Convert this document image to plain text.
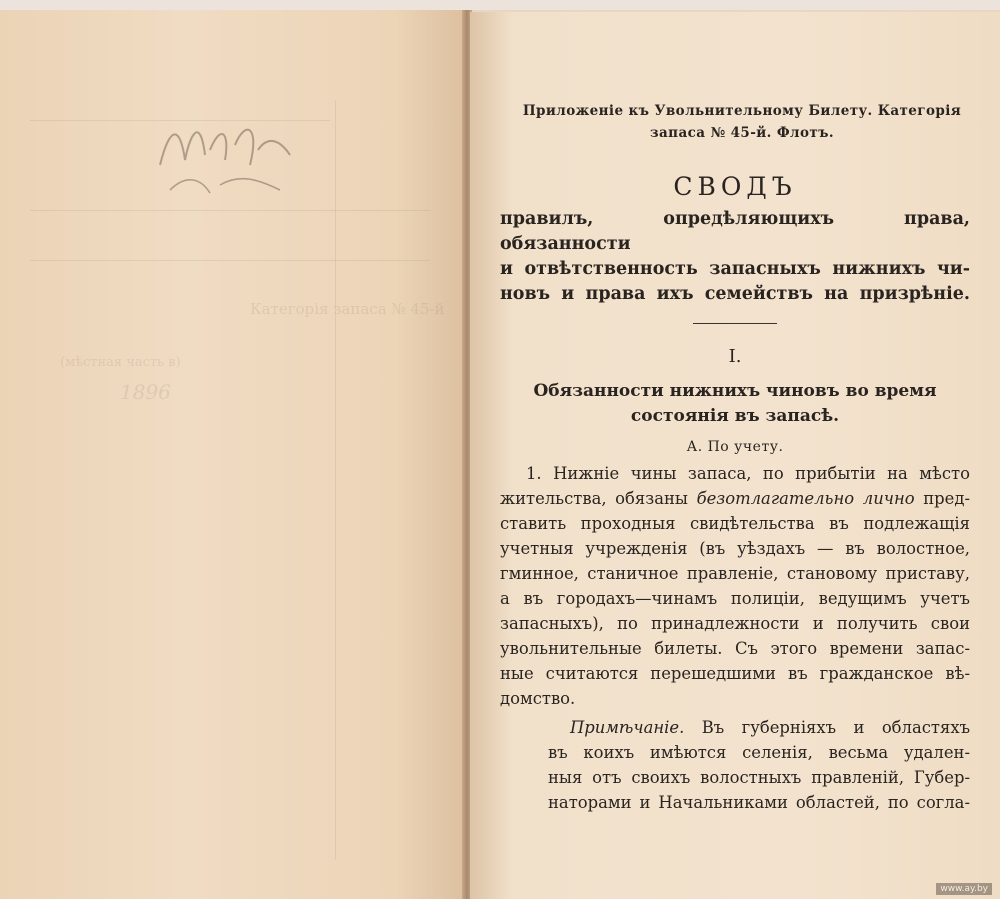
Категорія запаса № 45-й
(мѣстная часть в)
1896
Приложеніе къ Увольнительному Билету. Категорія
запаса № 45-й. Флотъ.
СВОДЪ
правилъ, опредѣляющихъ права, обязанности
и отвѣтственность запасныхъ нижнихъ чи-
новъ и права ихъ семействъ на призрѣніе.
I.
Обязанности нижнихъ чиновъ во время
состоянія въ запасѣ.
А. По учету.
1. Нижніе чины запаса, по прибытіи на мѣсто
жительства, обязаны безотлагательно лично пред-
ставить проходныя свидѣтельства въ подлежащія
учетныя учрежденія (въ уѣздахъ — въ волостное,
гминное, станичное правленіе, становому приставу,
а въ городахъ—чинамъ полиціи, ведущимъ учетъ
запасныхъ), по принадлежности и получить свои
увольнительные билеты. Съ этого времени запас-
ные считаются перешедшими въ гражданское вѣ-
домство.
Примѣчаніе. Въ губерніяхъ и областяхъ
въ коихъ имѣются селенія, весьма удален-
ныя отъ своихъ волостныхъ правленій, Губер-
наторами и Начальниками областей, по согла-
www.ay.by
